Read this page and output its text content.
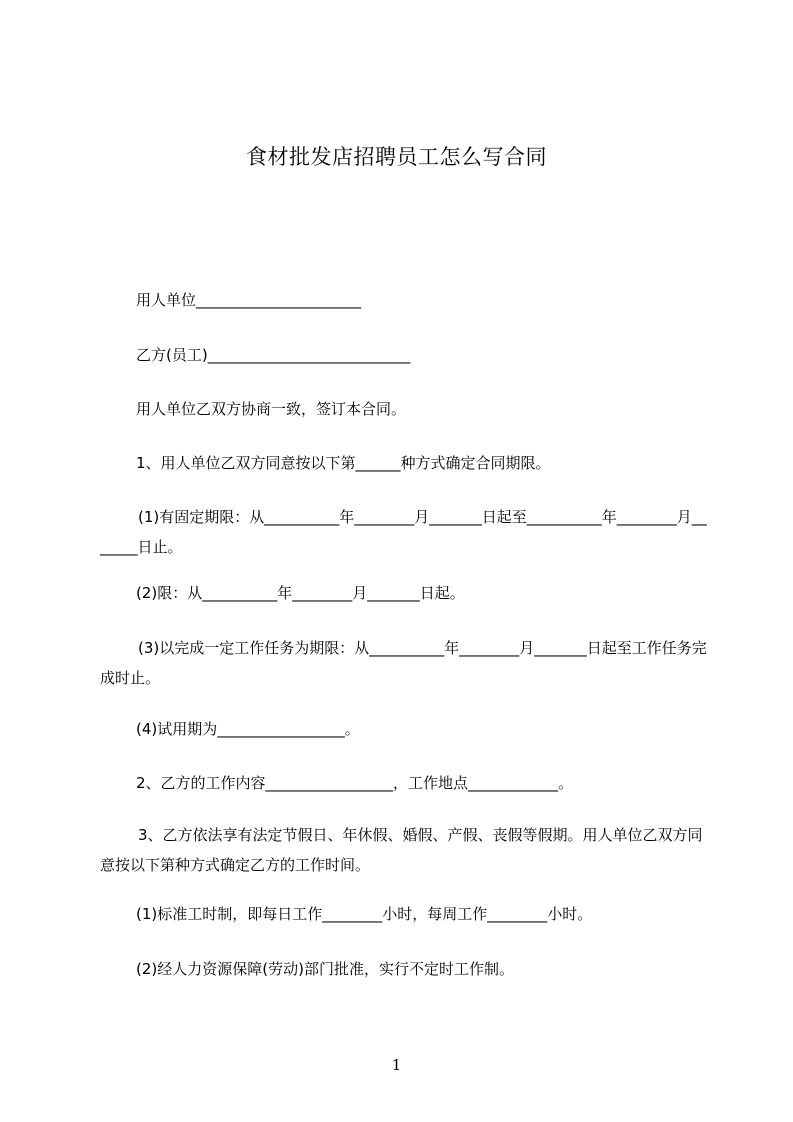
食材批发店招聘员工怎么写合同
用人单位______________________
乙方(员工)___________________________
用人单位乙双方协商一致，签订本合同。
1、用人单位乙双方同意按以下第______种方式确定合同期限。
(1)有固定期限：从__________年________月_______日起至__________年________月_______日止。
(2)限：从__________年________月_______日起。
(3)以完成一定工作任务为期限：从__________年________月_______日起至工作任务完成时止。
(4)试用期为_________________。
2、乙方的工作内容_________________，工作地点____________。
3、乙方依法享有法定节假日、年休假、婚假、产假、丧假等假期。用人单位乙双方同意按以下第种方式确定乙方的工作时间。
(1)标准工时制，即每日工作________小时，每周工作________小时。
(2)经人力资源保障(劳动)部门批准，实行不定时工作制。
1
